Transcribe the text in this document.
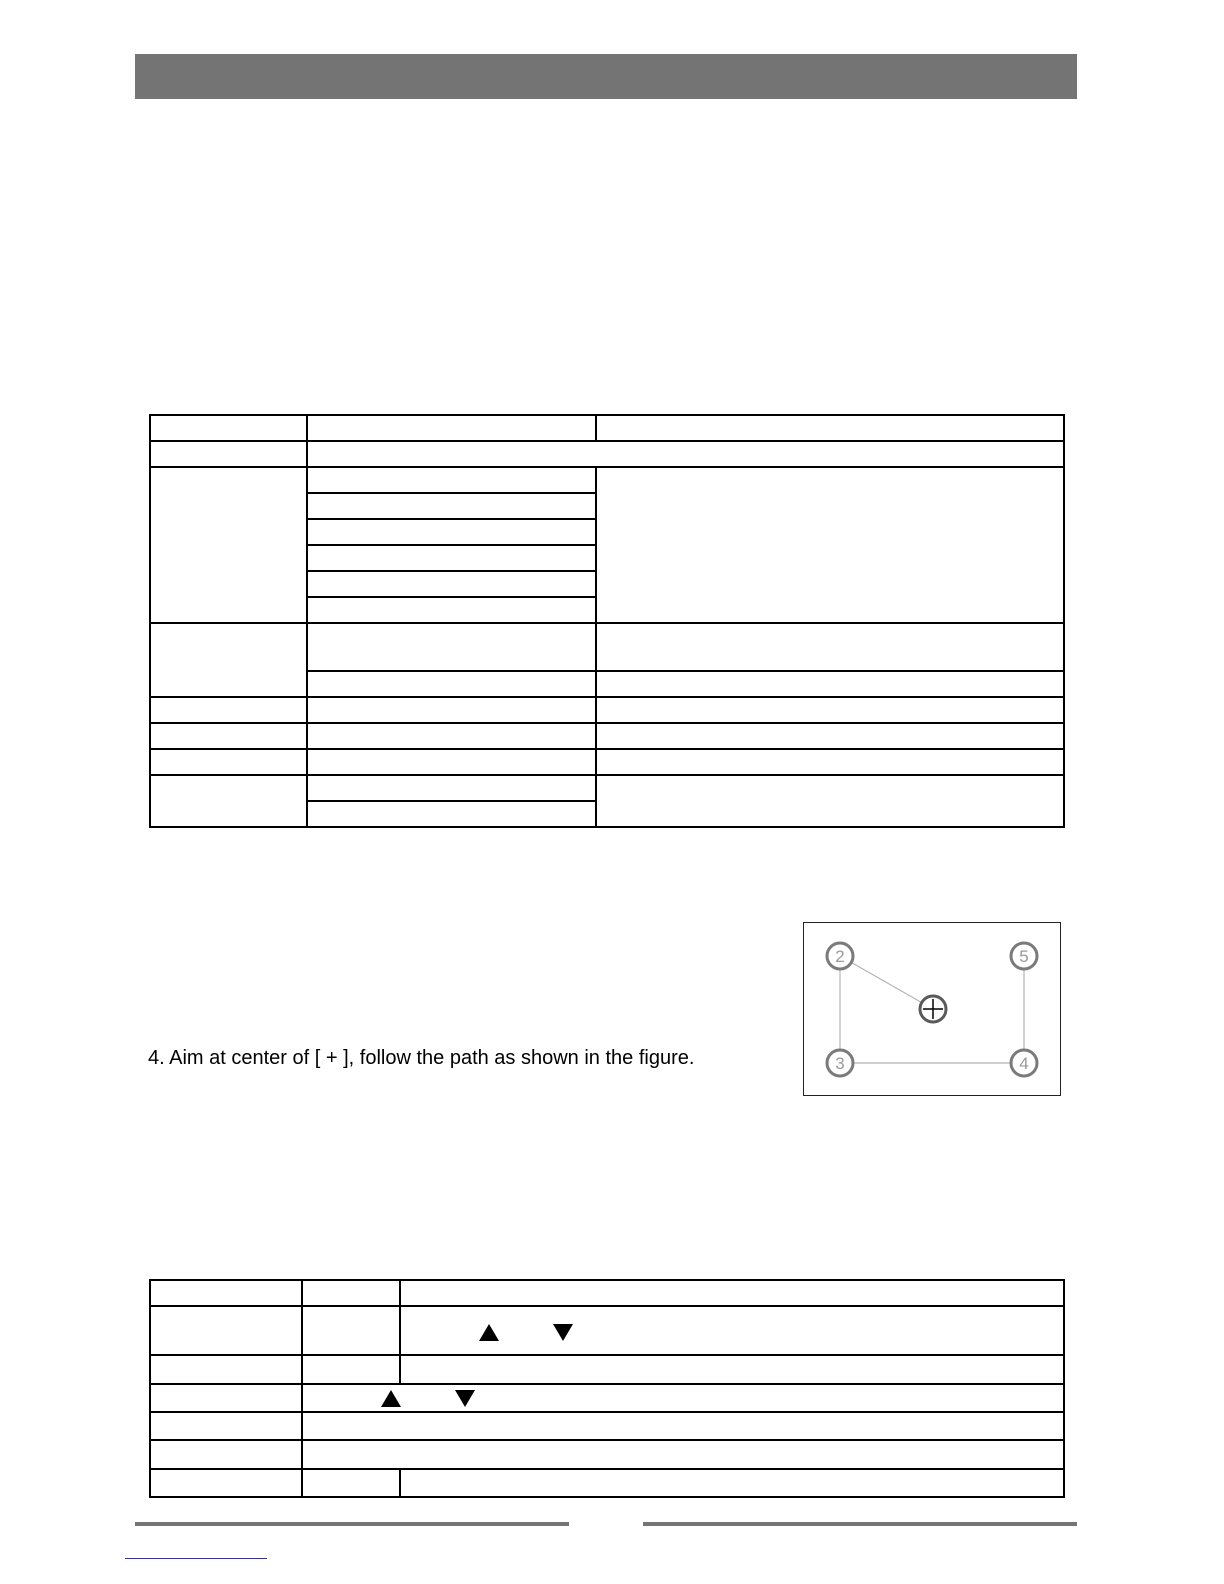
2	5
3	4
4. Aim at center of [ + ], follow the path as shown in the figure.
